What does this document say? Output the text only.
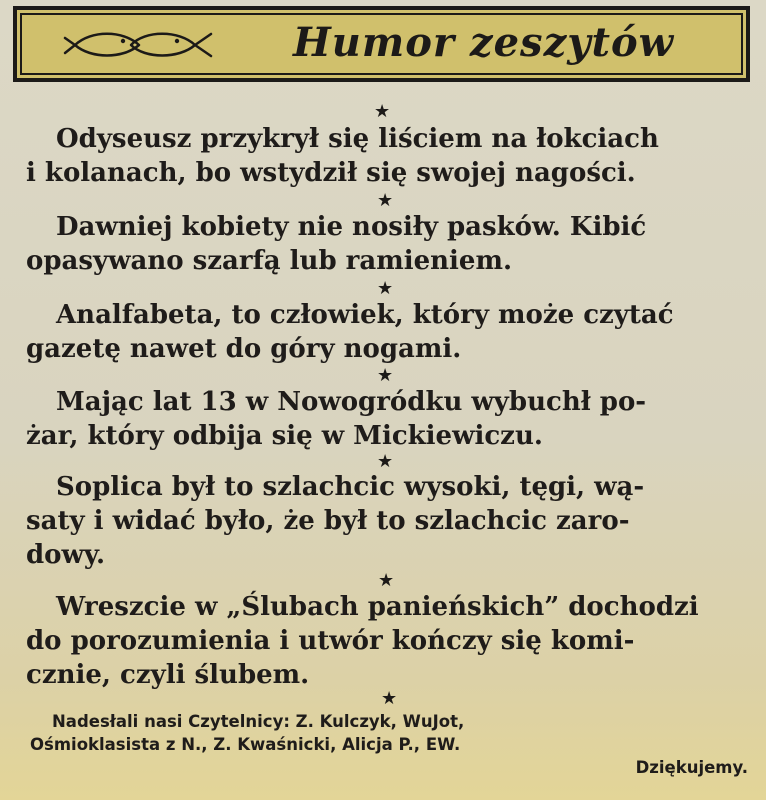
Humor zeszytów
★
Odyseusz przykrył się liściem na łokciach
i kolanach, bo wstydził się swojej nagości.
★
Dawniej kobiety nie nosiły pasków. Kibić
opasywano szarfą lub ramieniem.
★
Analfabeta, to człowiek, który może czytać
gazetę nawet do góry nogami.
★
Mając lat 13 w Nowogródku wybuchł po-
żar, który odbija się w Mickiewiczu.
★
Soplica był to szlachcic wysoki, tęgi, wą-
saty i widać było, że był to szlachcic zaro-
dowy.
★
Wreszcie w „Ślubach panieńskich” dochodzi
do porozumienia i utwór kończy się komi-
cznie, czyli ślubem.
★
Nadesłali nasi Czytelnicy: Z. Kulczyk, WuJot,
Ośmioklasista z N., Z. Kwaśnicki, Alicja P., EW.
Dziękujemy.
